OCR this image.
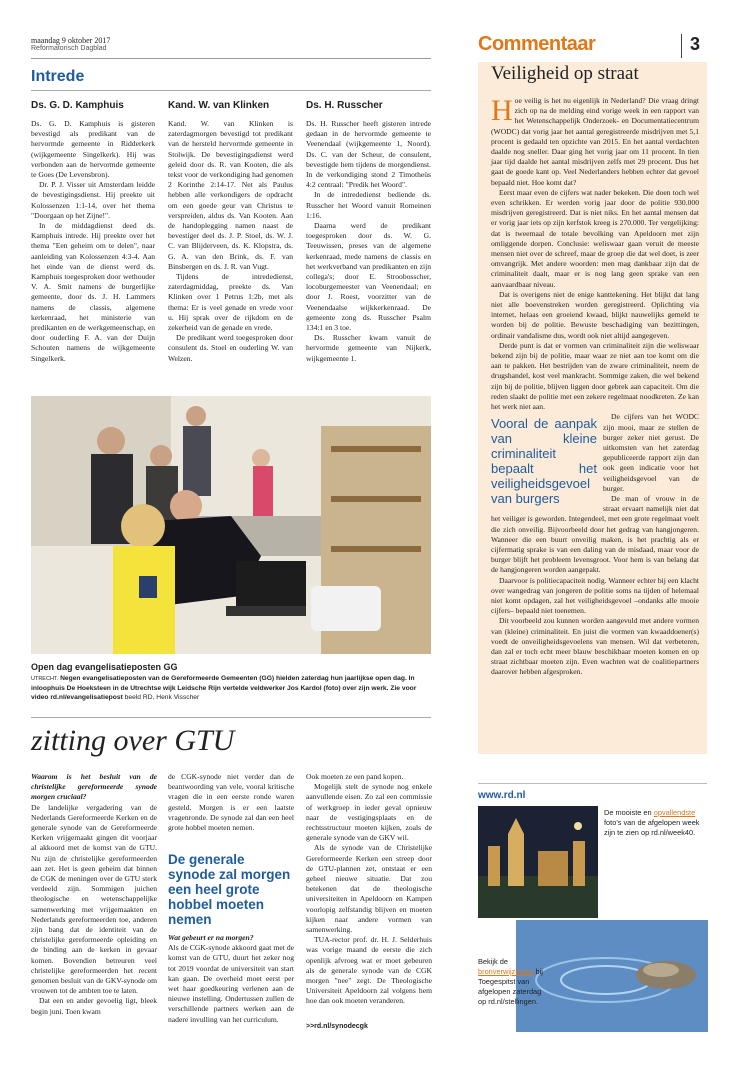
maandag 9 oktober 2017
Reformatorisch Dagblad	Commentaar	3
Intrede
Ds. G. D. Kamphuis

Ds. G. D. Kamphuis is gisteren bevestigd als predikant van de hervormde gemeente in Ridderkerk (wijkgemeente Singelkerk). Hij was verbonden aan de hervormde gemeente te Goes (De Levensbron).

Dr. P. J. Visser uit Amsterdam leidde de bevestigingsdienst. Hij preekte uit Kolossenzen 1:1-14, over het thema "Doorgaan op het Zijne!".

In de middagdienst deed ds. Kamphuis intrede. Hij preekte over het thema "Een geheim om te delen", naar aanleiding van Kolossenzen 4:3-4. Aan het einde van de dienst werd ds. Kamphuis toegesproken door wethouder V. A. Smit namens de burgerlijke gemeente, door ds. J. H. Lammers namens de classis, algemene kerkenraad, het ministerie van predikanten en de werkgemeenschap, en door ouderling F. A. van der Duijn Schouten namens de wijkgemeente Singelkerk.

Kand. W. van Klinken

Kand. W. van Klinken is zaterdagmorgen bevestigd tot predikant van de hersteld hervormde gemeente in Stolwijk. De bevestigingsdienst werd geleid door ds. R. van Kooten, die als tekst voor de verkondiging had genomen 2 Korinthe 2:14-17. Net als Paulus hebben alle verkondigers de opdracht om een goede geur van Christus te verspreiden, aldus ds. Van Kooten. Aan de handoplegging namen naast de bevestiger deel ds. J. P. Stoel, ds. W. J. C. van Blijderveen, ds. K. Klopstra, ds. G. A. van den Brink, ds. F. van Binsbergen en ds. J. R. van Vugt.

Tijdens de intrededienst, zaterdagmiddag, preekte ds. Van Klinken over 1 Petrus 1:2b, met als thema: Er is veel genade en vrede voor u. Hij sprak over de rijkdom en de zekerheid van de genade en vrede.

De predikant werd toegesproken door consulent ds. Stoel en ouderling W. van Welzen.

Ds. H. Russcher

Ds. H. Russcher heeft gisteren intrede gedaan in de hervormde gemeente te Veenendaal (wijkgemeente 1, Noord). Ds. C. van der Scheur, de consulent, bevestigde hem tijdens de morgendienst. In de verkondiging stond 2 Timotheüs 4:2 centraal: "Predik het Woord".

In de intrededienst bediende ds. Russcher het Woord vanuit Romeinen 1:16.

Daarna werd de predikant toegesproken door ds. W. G. Teeuwissen, preses van de algemene kerkenraad, mede namens de classis en het werkverband van predikanten en zijn collega's; door E. Stroobosscher, locoburgemeester van Veenendaal; en door J. Roest, voorzitter van de Veenendaalse wijkkerkenraad. De gemeente zong ds. Russcher Psalm 134:1 en 3 toe.

Ds. Russcher kwam vanuit de hervormde gemeente van Nijkerk, wijkgemeente 1.

Open dag evangelisatieposten GG
UTRECHT. Negen evangelisatieposten van de Gereformeerde Gemeenten (GG) hielden zaterdag hun jaarlijkse open dag. In inloophuis De Hoeksteen in de Utrechtse wijk Leidsche Rijn vertelde veldwerker Jos Kardol (foto) over zijn werk. Zie voor video rd.nl/evangelisatiepost beeld RD, Henk Visscher
zitting over GTU

Waarom is het besluit van de christelijke gereformeerde synode morgen cruciaal?

De landelijke vergadering van de Nederlands Gereformeerde Kerken en de generale synode van de Gereformeerde Kerken vrijgemaakt gingen dit voorjaar al akkoord met de komst van de GTU. Nu zijn de christelijke gereformeerden aan zet. Het is geen geheim dat binnen de CGK de meningen over de GTU sterk verdeeld zijn. Sommigen juichen theologische en wetenschappelijke samenwerking met vrijgemaakten en Nederlands gereformeerden toe, anderen zijn bang dat de identiteit van de christelijke gereformeerde opleiding en de binding aan de kerken in gevaar komen. Bovendien betreuren veel christelijke gereformeerden het recent genomen besluit van de GKV-synode om vrouwen tot de ambten toe te laten.

Dat een en ander gevoelig ligt, bleek begin juni. Toen kwam

de CGK-synode niet verder dan de beantwoording van vele, vooral kritische vragen die in een eerste ronde waren gesteld. Morgen is er een laatste vragenronde. De synode zal dan een heel grote hobbel moeten nemen.

De generale synode zal morgen een heel grote hobbel moeten nemen

Wat gebeurt er na morgen?

Als de CGK-synode akkoord gaat met de komst van de GTU, duurt het zeker nog tot 2019 voordat de universiteit van start kan gaan. De overheid moet eerst per wet haar goedkeuring verlenen aan de nieuwe instelling. Ondertussen zullen de verschillende partners werken aan de nadere invulling van het curriculum.

Ook moeten ze een pand kopen.

Mogelijk stelt de synode nog enkele aanvullende eisen. Zo zal een commissie of werkgroep in ieder geval opnieuw naar de vestigingsplaats en de rechtsstructuur moeten kijken, zoals de generale synode van de GKV wil.

Als de synode van de Christelijke Gereformeerde Kerken een streep door de GTU-plannen zet, ontstaat er een geheel nieuwe situatie. Dat zou betekenen dat de theologische universiteiten in Apeldoorn en Kampen voorlopig zelfstandig blijven en moeten kijken naar andere vormen van samenwerking.

TUA-rector prof. dr. H. J. Selderhuis was vorige maand de eerste die zich openlijk afvroeg wat er moet gebeuren als de generale synode van de CGK morgen "nee" zegt. De Theologische Universiteit Apeldoorn zal volgens hem hoe dan ook moeten veranderen.

>>rd.nl/synodecgk
Veiligheid op straat

Hoe veilig is het nu eigenlijk in Nederland? Die vraag dringt zich op na de melding eind vorige week in een rapport van het Wetenschappelijk Onderzoek- en Documentatiecentrum (WODC) dat vorig jaar het aantal geregistreerde misdrijven met 5,1 procent is gedaald ten opzichte van 2015. En het aantal verdachten daalde nog sneller. Daar ging het vorig jaar om 11 procent. In tien jaar tijd daalde het aantal misdrijven zelfs met 29 procent. Dus het gaat de goede kant op. Veel Nederlanders hebben echter dat gevoel bepaald niet. Hoe komt dat?

Eerst maar even de cijfers wat nader bekeken. Die doen toch wel even schrikken. Er werden vorig jaar door de politie 930.000 misdrijven geregistreerd. Dat is niet niks. En het aantal mensen dat er vorig jaar iets op zijn kerfstok kreeg is 270.000. Ter vergelijking: dat is tweemaal de totale bevolking van Apeldoorn met zijn omliggende dorpen. Conclusie: weliswaar gaan veruit de meeste mensen niet over de schreef, maar de groep die dat wel doet, is zeer omvangrijk. Met andere woorden: men mag dankbaar zijn dat de criminaliteit daalt, maar er is nog lang geen sprake van een aanvaardbaar niveau.

Dat is overigens niet de enige kanttekening. Het blijkt dat lang niet alle boevenstreken worden geregistreerd. Oplichting via internet, helaas een groeiend kwaad, blijkt nauwelijks gemeld te worden bij de politie. Bewuste beschadiging van bezittingen, ordinair vandalisme dus, wordt ook niet altijd aangegeven.

Derde punt is dat er vormen van criminaliteit zijn die weliswaar bekend zijn bij de politie, maar waar ze niet aan toe komt om die aan te pakken. Het bestrijden van de zware criminaliteit, neem de drugshandel, kost veel mankracht. Sommige zaken, die wel bekend zijn bij de politie, blijven liggen door gebrek aan capaciteit. Om die reden slaakt de politie met een zekere regelmaat noodkreten. Ze kan het werk niet aan.

Vooral de aanpak van kleine criminaliteit bepaalt het veiligheidsgevoel van burgers

De cijfers van het WODC zijn mooi, maar ze stellen de burger zeker niet gerust. De uitkomsten van het zaterdag gepubliceerde rapport zijn dan ook geen indicatie voor het veiligheidsgevoel van de burger.

De man of vrouw in de straat ervaart namelijk niet dat het veiliger is geworden. Integendeel, met een grote regelmaat voelt die zich onveilig. Bijvoorbeeld door het gedrag van hangjongeren. Wanneer die een buurt onveilig maken, is het prachtig als er cijfermatig sprake is van een daling van de misdaad, maar voor de burger blijft het probleem levensgroot. Voor hem is van belang dat de hangjongeren worden aangepakt.

Daarvoor is politiecapaciteit nodig. Wanneer echter bij een klacht over wangedrag van jongeren de politie soms na tijden of helemaal niet komt opdagen, zal het veiligheidsgevoel –ondanks alle mooie cijfers– bepaald niet toenemen.

Dit voorbeeld zou kunnen worden aangevuld met andere vormen van (kleine) criminaliteit. En juist die vormen van kwaaddoener(s) voedt de onveiligheidsgevoelens van mensen. Wil dat verbeteren, dan zal er toch echt meer blauw beschikbaar moeten komen en op straat zichtbaar moeten zijn. Even wachten wat de coalitiepartners daarover hebben afgesproken.

www.rd.nl
De mooiste en opvallendste foto's van de afgelopen week zijn te zien op rd.nl/week40.
Bekijk de bronverwijzingen bij Toegespitst van afgelopen zaterdag op rd.nl/stellingen.
